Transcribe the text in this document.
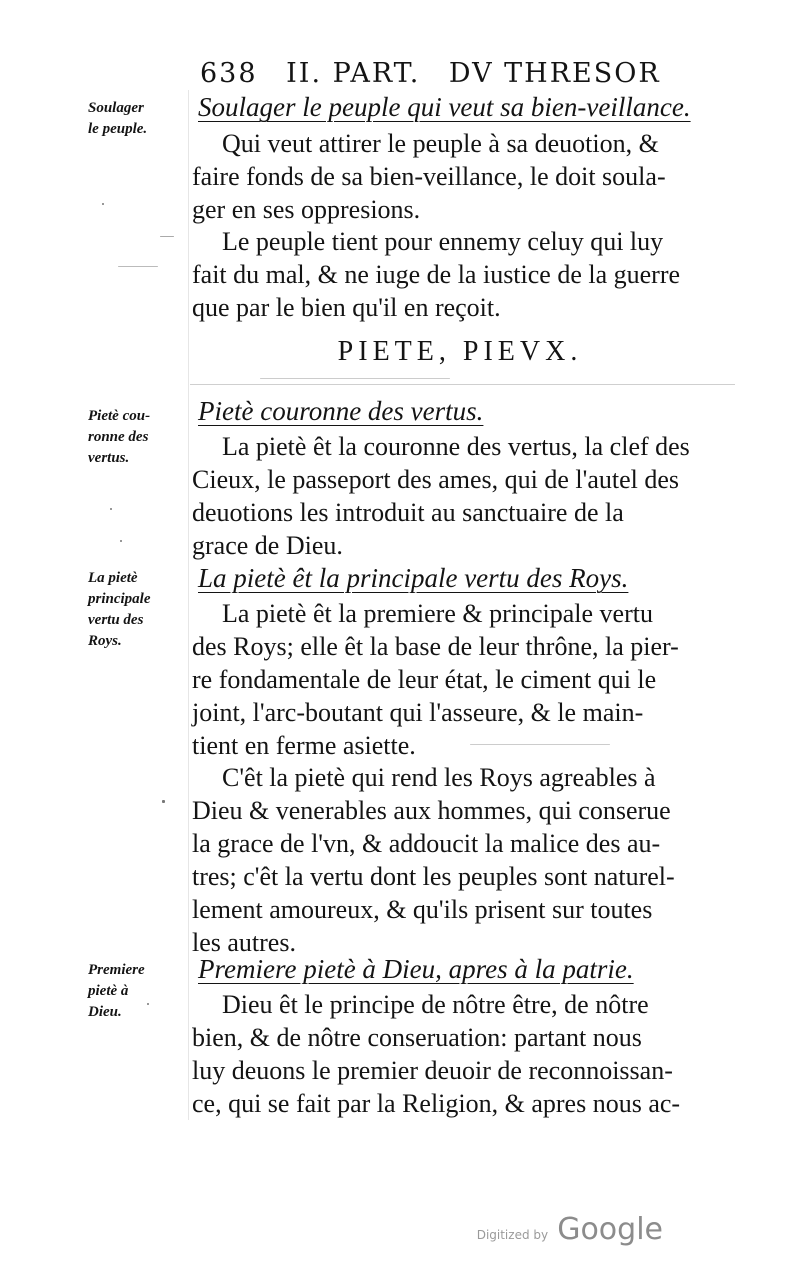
638 II. PART. DV THRESOR
Soulager
le peuple.
Soulager le peuple qui veut sa bien-veillance.
Qui veut attirer le peuple à sa deuotion, &
faire fonds de sa bien-veillance, le doit soula-
ger en ses oppresions.
Le peuple tient pour ennemy celuy qui luy
fait du mal, & ne iuge de la iustice de la guerre
que par le bien qu'il en reçoit.
PIETE, PIEVX.
Pietè cou-
ronne des
vertus.
Pietè couronne des vertus.
La pietè êt la couronne des vertus, la clef des
Cieux, le passeport des ames, qui de l'autel des
deuotions les introduit au sanctuaire de la
grace de Dieu.
La pietè
principale
vertu des
Roys.
La pietè êt la principale vertu des Roys.
La pietè êt la premiere & principale vertu
des Roys; elle êt la base de leur thrône, la pier-
re fondamentale de leur état, le ciment qui le
joint, l'arc-boutant qui l'asseure, & le main-
tient en ferme asiette.
C'êt la pietè qui rend les Roys agreables à
Dieu & venerables aux hommes, qui conserue
la grace de l'vn, & addoucit la malice des au-
tres; c'êt la vertu dont les peuples sont naturel-
lement amoureux, & qu'ils prisent sur toutes
les autres.
Premiere
pietè à
Dieu.
Premiere pietè à Dieu, apres à la patrie.
Dieu êt le principe de nôtre être, de nôtre
bien, & de nôtre conseruation: partant nous
luy deuons le premier deuoir de reconnoissan-
ce, qui se fait par la Religion, & apres nous ac-
Digitized by Google
